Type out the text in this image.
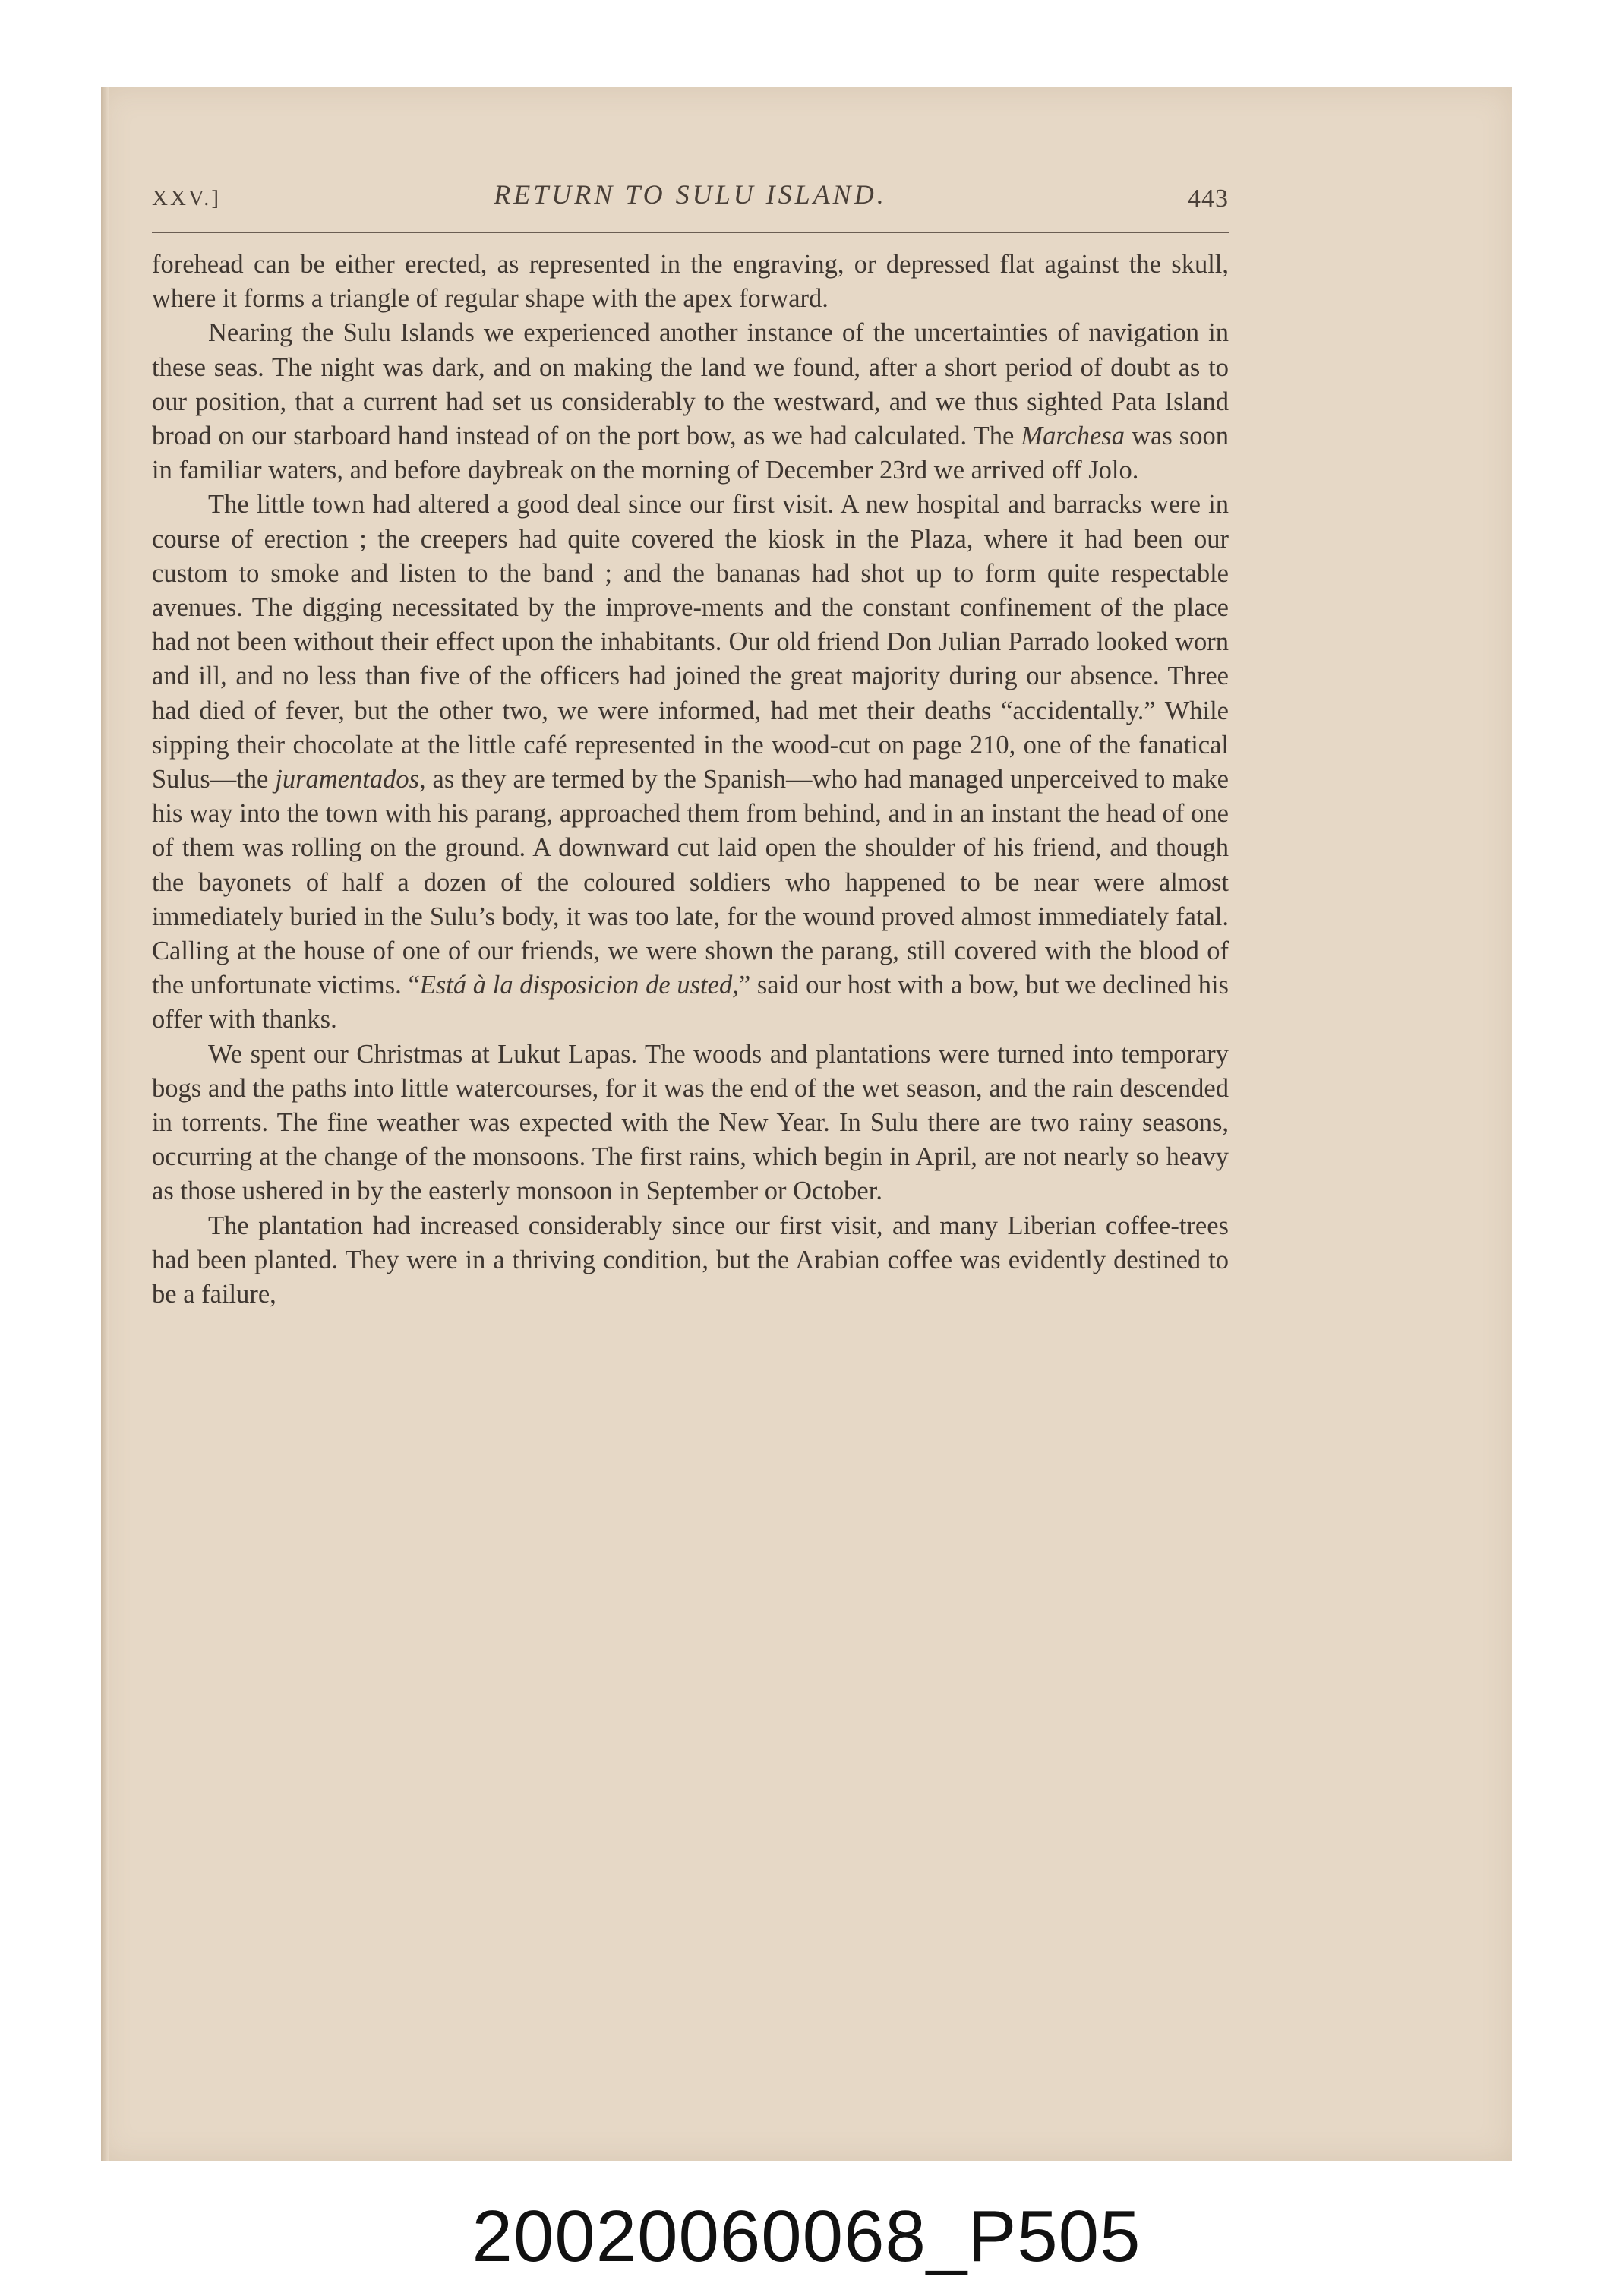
XXV.]	RETURN TO SULU ISLAND.	443

forehead can be either erected, as represented in the engraving, or depressed flat against the skull, where it forms a triangle of regular shape with the apex forward.

Nearing the Sulu Islands we experienced another instance of the uncertainties of navigation in these seas. The night was dark, and on making the land we found, after a short period of doubt as to our position, that a current had set us considerably to the westward, and we thus sighted Pata Island broad on our starboard hand instead of on the port bow, as we had calculated. The Marchesa was soon in familiar waters, and before daybreak on the morning of December 23rd we arrived off Jolo.

The little town had altered a good deal since our first visit. A new hospital and barracks were in course of erection ; the creepers had quite covered the kiosk in the Plaza, where it had been our custom to smoke and listen to the band ; and the bananas had shot up to form quite respectable avenues. The digging necessitated by the improve-ments and the constant confinement of the place had not been without their effect upon the inhabitants. Our old friend Don Julian Parrado looked worn and ill, and no less than five of the officers had joined the great majority during our absence. Three had died of fever, but the other two, we were informed, had met their deaths “accidentally.” While sipping their chocolate at the little café represented in the wood-cut on page 210, one of the fanatical Sulus—the juramentados, as they are termed by the Spanish—who had managed unperceived to make his way into the town with his parang, approached them from behind, and in an instant the head of one of them was rolling on the ground. A downward cut laid open the shoulder of his friend, and though the bayonets of half a dozen of the coloured soldiers who happened to be near were almost immediately buried in the Sulu’s body, it was too late, for the wound proved almost immediately fatal. Calling at the house of one of our friends, we were shown the parang, still covered with the blood of the unfortunate victims. “Está à la disposicion de usted,” said our host with a bow, but we declined his offer with thanks.

We spent our Christmas at Lukut Lapas. The woods and plantations were turned into temporary bogs and the paths into little watercourses, for it was the end of the wet season, and the rain descended in torrents. The fine weather was expected with the New Year. In Sulu there are two rainy seasons, occurring at the change of the monsoons. The first rains, which begin in April, are not nearly so heavy as those ushered in by the easterly monsoon in September or October.

The plantation had increased considerably since our first visit, and many Liberian coffee-trees had been planted. They were in a thriving condition, but the Arabian coffee was evidently destined to be a failure,

20020060068_P505
